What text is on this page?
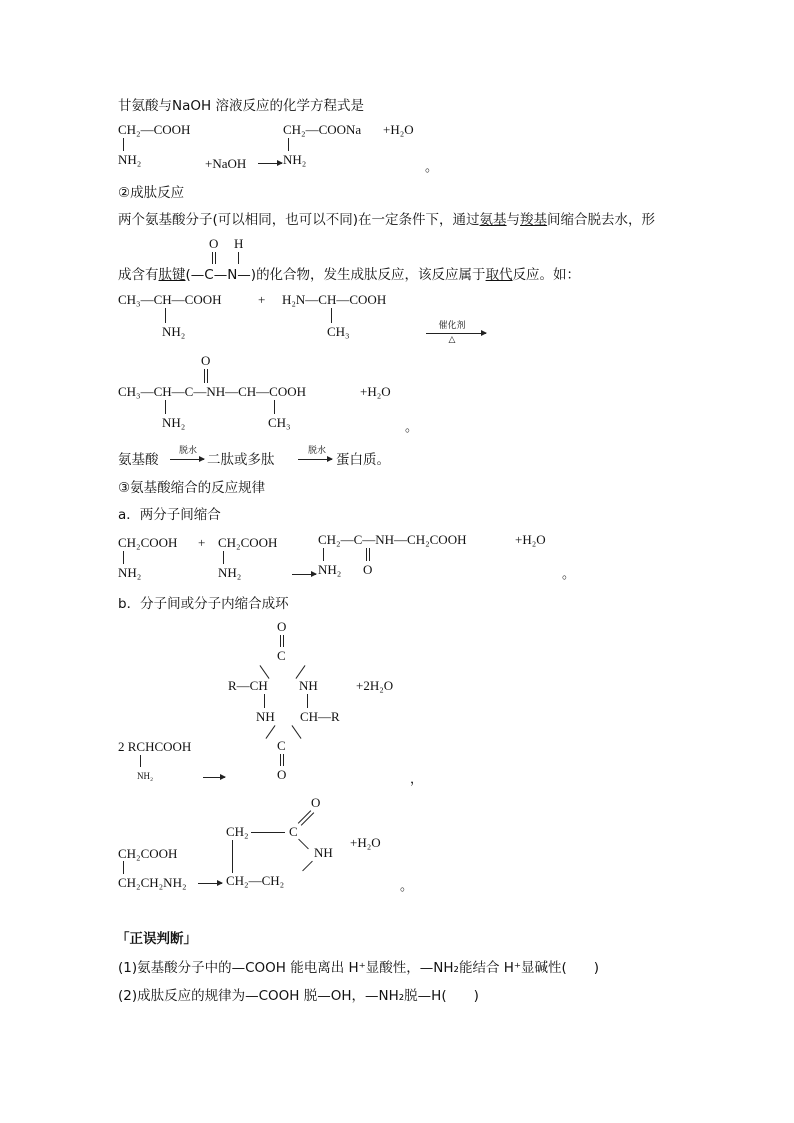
甘氨酸与NaOH 溶液反应的化学方程式是
CH₂—COOH
NH₂	+NaOH
CH₂—COONa +H₂O
NH₂	。
②成肽反应
两个氨基酸分子(可以相同，也可以不同)在一定条件下，通过氨基与羧基间缩合脱去水，形
O H
成含有肽键(—C—N—)的化合物，发生成肽反应，该反应属于取代反应。如：
CH₃—CH—COOH
NH₂
+ H₂N—CH—COOH
CH₃	催化剂
△
O
CH₃—CH—C—NH—CH—COOH	+H₂O
NH₂	CH₃	。
氨基酸
脱水
二肽或多肽
脱水
蛋白质。
③氨基酸缩合的反应规律
a．两分子间缩合
CH₂COOH
NH₂
+ CH₂COOH
NH₂
CH₂—C—NH—CH₂COOH	+H₂O
NH₂ O	。
b．分子间或分子内缩合成环
O
C
R—CH NH	+2H₂O
NH CH—R
C
O
2 RCHCOOH
NH₂	，
O
CH₂	C
NH
+H₂O
CH₂—CH₂
CH₂COOH
CH₂CH₂NH₂	。
「正误判断」
(1)氨基酸分子中的—COOH 能电离出 H⁺显酸性，—NH₂能结合 H⁺显碱性(　　)
(2)成肽反应的规律为—COOH 脱—OH，—NH₂脱—H(　　)
